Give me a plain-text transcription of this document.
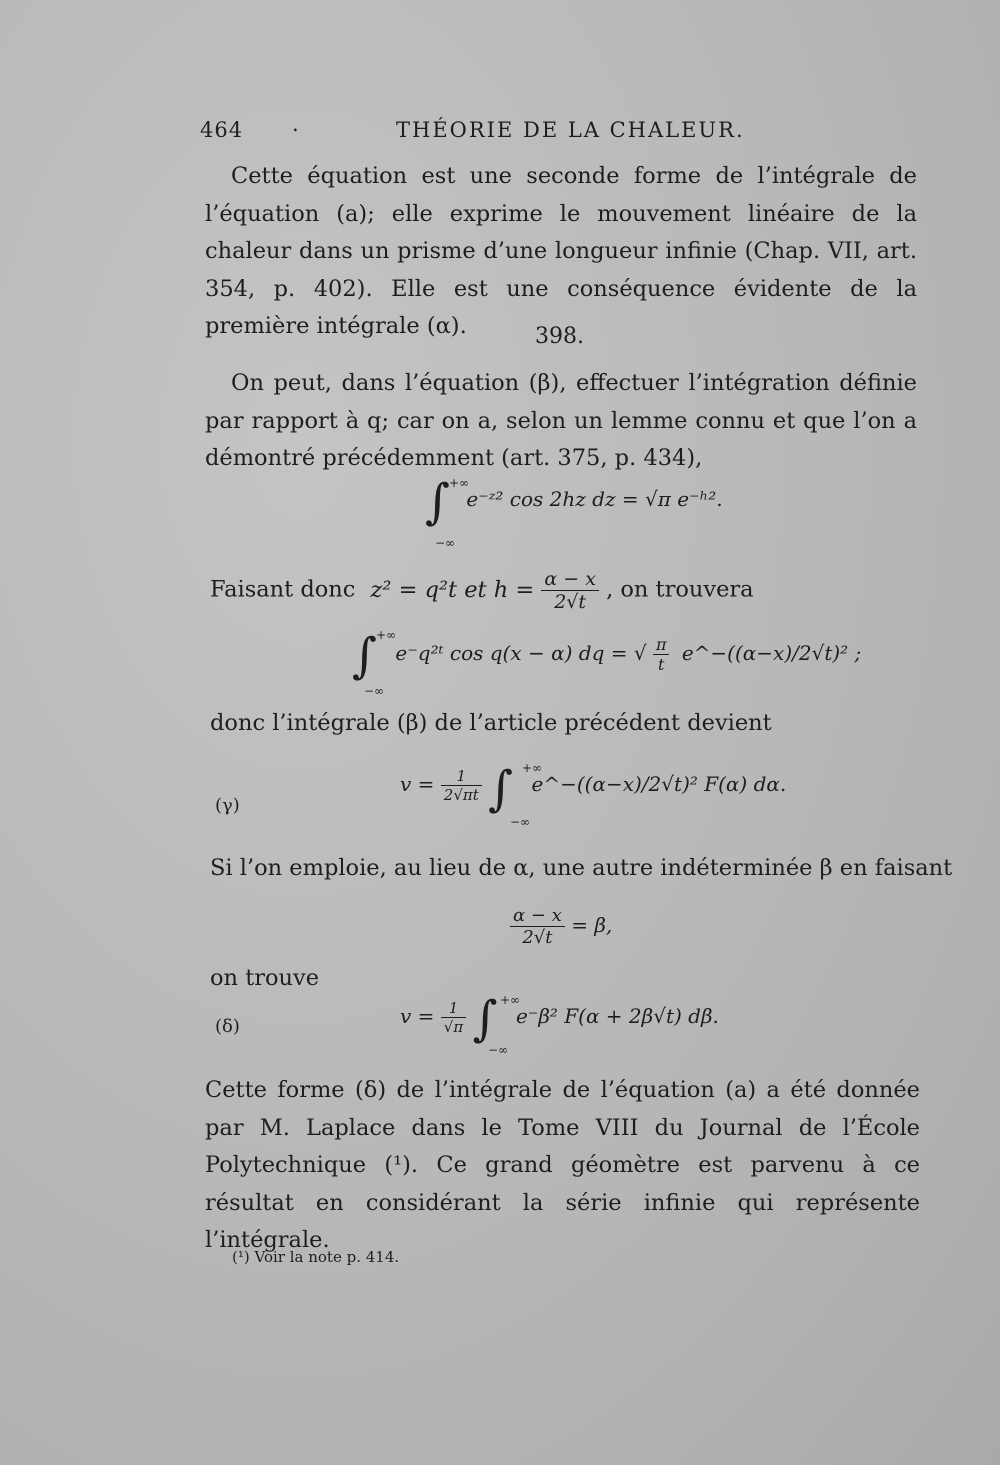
464 .	THÉORIE DE LA CHALEUR.
Cette équation est une seconde forme de l’intégrale de l’équation (a); elle exprime le mouvement linéaire de la chaleur dans un prisme d’une longueur infinie (Chap. VII, art. 354, p. 402). Elle est une conséquence évidente de la première intégrale (α).	398.
On peut, dans l’équation (β), effectuer l’intégration définie par rapport à q; car on a, selon un lemme connu et que l’on a démontré précédemment (art. 375, p. 434),
∫
+∞
−∞
e⁻ᶻ² cos 2hz dz = √π e⁻ʰ².
Faisant donc z² = q²t et $h = \frac{\alpha - x}{2√t}$ , on trouvera
∫
+∞
−∞
e⁻q²ᵗ cos q(x − α) dq = √ $\frac{\pi}{t}$ e^−((α−x)/2√t)² ;
donc l’intégrale (β) de l’article précédent devient
(γ)
$v = \frac{1}{2√\pi t}$ ∫ +∞
−∞
e^−((α−x)/2√t)² F(α) dα.
Si l’on emploie, au lieu de α, une autre indéterminée β en faisant
$\frac{\alpha - x}{2√t} = \beta$,
on trouve
(δ)	$v = \frac{1}{√\pi}$ ∫ +∞
−∞
e⁻β² F(α + 2β√t) dβ.
Cette forme (δ) de l’intégrale de l’équation (a) a été donnée par M. Laplace dans le Tome VIII du Journal de l’École Polytechnique (¹). Ce grand géomètre est parvenu à ce résultat en considérant la série infinie qui représente l’intégrale.
(¹) Voir la note p. 414.
